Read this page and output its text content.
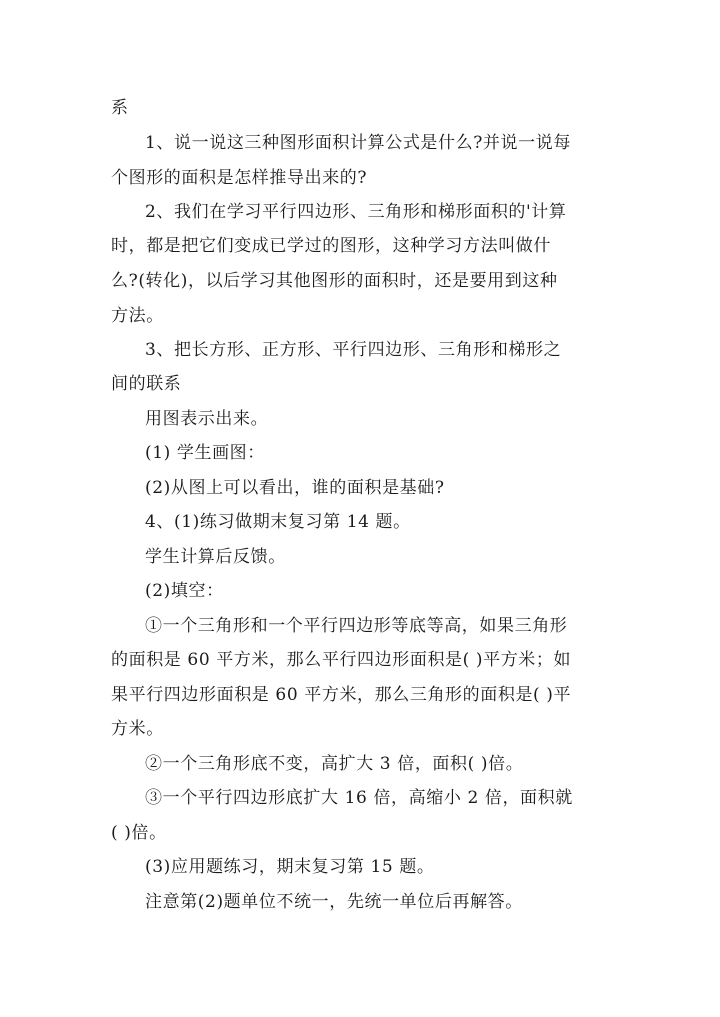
系
1、说一说这三种图形面积计算公式是什么?并说一说每
个图形的面积是怎样推导出来的?
2、我们在学习平行四边形、三角形和梯形面积的'计算
时，都是把它们变成已学过的图形，这种学习方法叫做什
么?(转化)，以后学习其他图形的面积时，还是要用到这种
方法。
3、把长方形、正方形、平行四边形、三角形和梯形之
间的联系
用图表示出来。
(1) 学生画图：
(2)从图上可以看出，谁的面积是基础?
4、(1)练习做期末复习第 14 题。
学生计算后反馈。
(2)填空：
①一个三角形和一个平行四边形等底等高，如果三角形
的面积是 60 平方米，那么平行四边形面积是( )平方米；如
果平行四边形面积是 60 平方米，那么三角形的面积是( )平
方米。
②一个三角形底不变，高扩大 3 倍，面积( )倍。
③一个平行四边形底扩大 16 倍，高缩小 2 倍，面积就
( )倍。
(3)应用题练习，期末复习第 15 题。
注意第(2)题单位不统一，先统一单位后再解答。
